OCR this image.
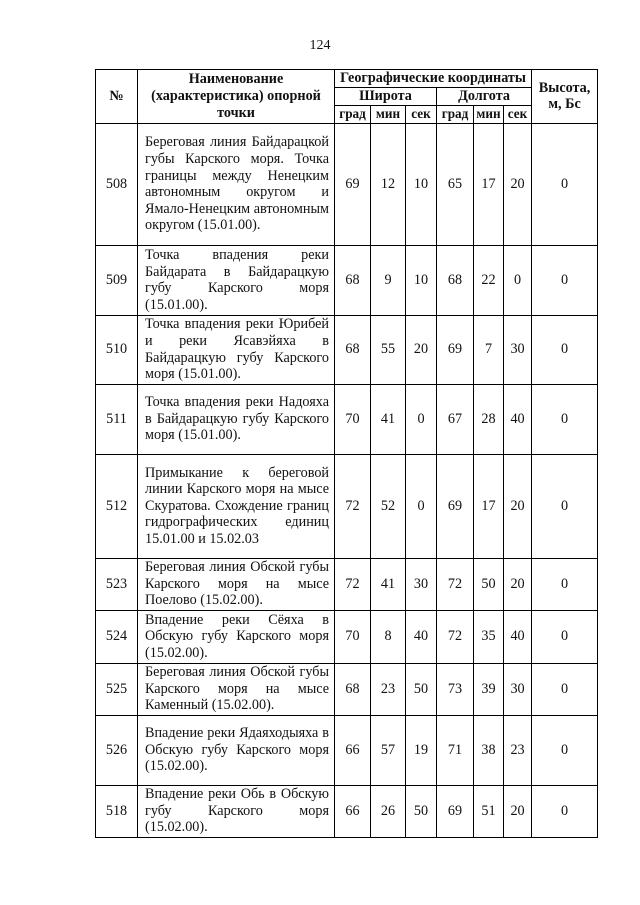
124
№	Наименование (характеристика) опорной точки	Географические координаты						Высота, м, Бс
		Широта			Долгота			
		град	мин	сек	град	мин	сек	
508	Береговая линия Байдарацкой губы Карского моря. Точка границы между Ненецким автономным округом и Ямало-Ненецким автономным округом (15.01.00).	69	12	10	65	17	20	0
509	Точка впадения реки Байдарата в Байдарацкую губу Карского моря (15.01.00).	68	9	10	68	22	0	0
510	Точка впадения реки Юрибей и реки Ясавэйяха в Байдарацкую губу Карского моря (15.01.00).	68	55	20	69	7	30	0
511	Точка впадения реки Надояха в Байдарацкую губу Карского моря (15.01.00).	70	41	0	67	28	40	0
512	Примыкание к береговой линии Карского моря на мысе Скуратова. Схождение границ гидрографических единиц 15.01.00 и 15.02.03	72	52	0	69	17	20	0
523	Береговая линия Обской губы Карского моря на мысе Поелово (15.02.00).	72	41	30	72	50	20	0
524	Впадение реки Сёяха в Обскую губу Карского моря (15.02.00).	70	8	40	72	35	40	0
525	Береговая линия Обской губы Карского моря на мысе Каменный (15.02.00).	68	23	50	73	39	30	0
526	Впадение реки Ядаяходыяха в Обскую губу Карского моря (15.02.00).	66	57	19	71	38	23	0
518	Впадение реки Обь в Обскую губу Карского моря (15.02.00).	66	26	50	69	51	20	0
